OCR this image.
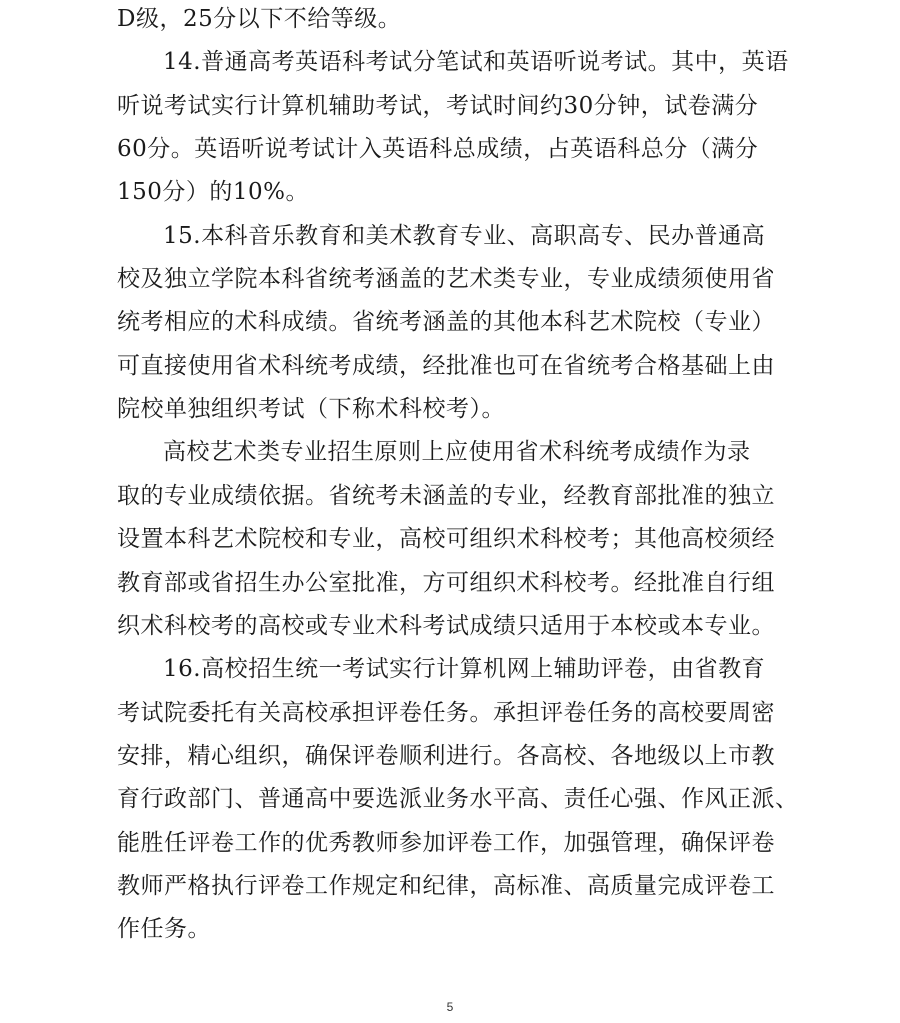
D级，25分以下不给等级。
14.普通高考英语科考试分笔试和英语听说考试。其中，英语
听说考试实行计算机辅助考试，考试时间约30分钟，试卷满分
60分。英语听说考试计入英语科总成绩，占英语科总分（满分
150分）的10%。
15.本科音乐教育和美术教育专业、高职高专、民办普通高
校及独立学院本科省统考涵盖的艺术类专业，专业成绩须使用省
统考相应的术科成绩。省统考涵盖的其他本科艺术院校（专业）
可直接使用省术科统考成绩，经批准也可在省统考合格基础上由
院校单独组织考试（下称术科校考）。
高校艺术类专业招生原则上应使用省术科统考成绩作为录
取的专业成绩依据。省统考未涵盖的专业，经教育部批准的独立
设置本科艺术院校和专业，高校可组织术科校考；其他高校须经
教育部或省招生办公室批准，方可组织术科校考。经批准自行组
织术科校考的高校或专业术科考试成绩只适用于本校或本专业。
16.高校招生统一考试实行计算机网上辅助评卷，由省教育
考试院委托有关高校承担评卷任务。承担评卷任务的高校要周密
安排，精心组织，确保评卷顺利进行。各高校、各地级以上市教
育行政部门、普通高中要选派业务水平高、责任心强、作风正派、
能胜任评卷工作的优秀教师参加评卷工作，加强管理，确保评卷
教师严格执行评卷工作规定和纪律，高标准、高质量完成评卷工
作任务。
5
